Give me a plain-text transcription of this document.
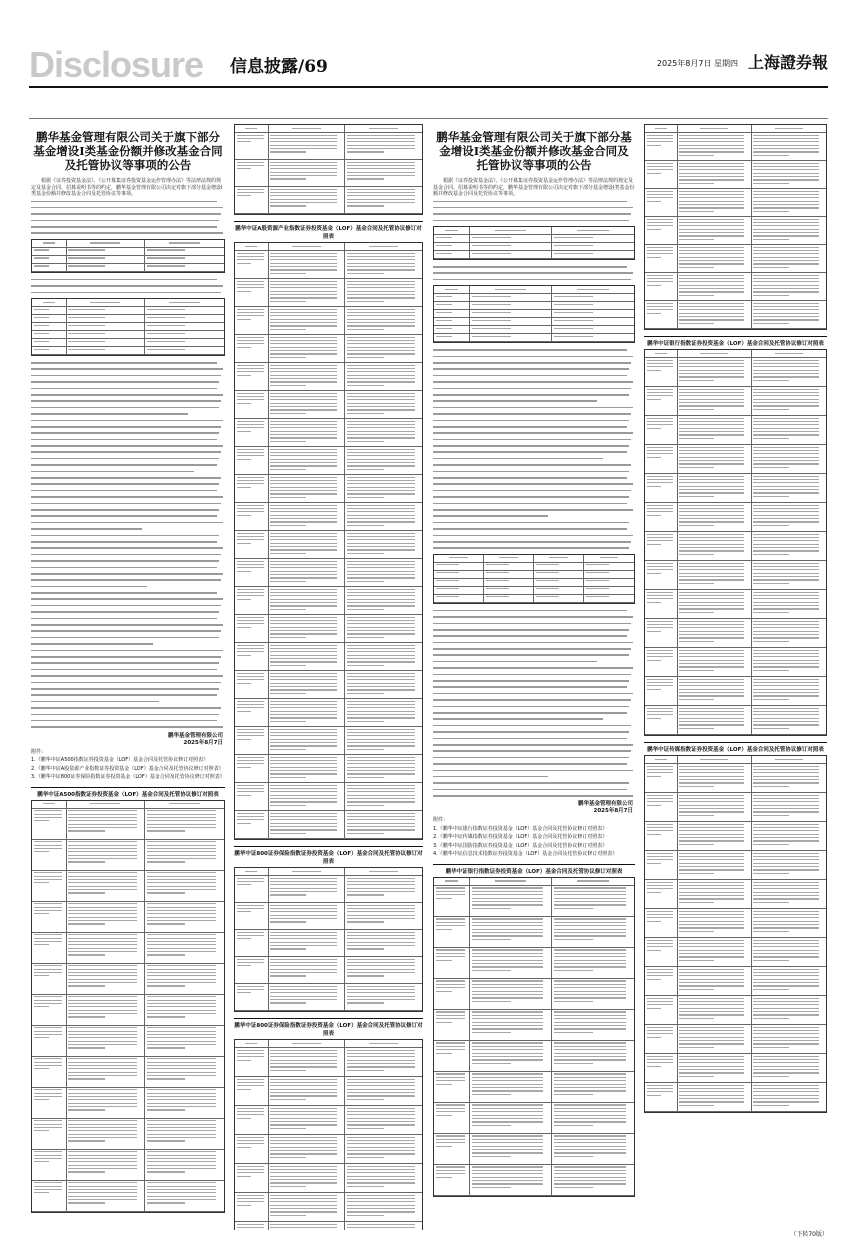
Disclosure 信息披露/69	2025年8月7日 星期四 上海證券報
鹏华基金管理有限公司关于旗下部分基金增设I类基金份额并修改基金合同及托管协议等事项的公告
根据《证券投资基金法》、《公开募集证券投资基金运作管理办法》等法律法规的规定及基金合同、招募说明书等的约定，鹏华基金管理有限公司决定对旗下部分基金增设I类基金份额并修改基金合同及托管协议等事项。
鹏华基金管理有限公司
2025年8月7日
附件：
1.《鹏华中证A500指数证券投资基金（LOF）基金合同及托管协议修订对照表》
2.《鹏华中证A股资源产业指数证券投资基金（LOF）基金合同及托管协议修订对照表》
3.《鹏华中证800证券保险指数证券投资基金（LOF）基金合同及托管协议修订对照表》
鹏华中证A500指数证券投资基金（LOF）基金合同及托管协议修订对照表
鹏华中证A股资源产业指数证券投资基金（LOF）基金合同及托管协议修订对照表
鹏华中证800证券保险指数证券投资基金（LOF）基金合同及托管协议修订对照表
鹏华中证800证券保险指数证券投资基金（LOF）基金合同及托管协议修订对照表
鹏华基金管理有限公司关于旗下部分基金增设I类基金份额并修改基金合同及托管协议等事项的公告
根据《证券投资基金法》、《公开募集证券投资基金运作管理办法》等法律法规的规定及基金合同、招募说明书等的约定，鹏华基金管理有限公司决定对旗下部分基金增设I类基金份额并修改基金合同及托管协议等事项。
鹏华基金管理有限公司
2025年8月7日
附件：
1.《鹏华中证银行指数证券投资基金（LOF）基金合同及托管协议修订对照表》
2.《鹏华中证传媒指数证券投资基金（LOF）基金合同及托管协议修订对照表》
3.《鹏华中证国防指数证券投资基金（LOF）基金合同及托管协议修订对照表》
4.《鹏华中证信息技术指数证券投资基金（LOF）基金合同及托管协议修订对照表》
鹏华中证银行指数证券投资基金（LOF）基金合同及托管协议修订对照表
鹏华中证银行指数证券投资基金（LOF）基金合同及托管协议修订对照表
鹏华中证传媒指数证券投资基金（LOF）基金合同及托管协议修订对照表
（下转70版）
